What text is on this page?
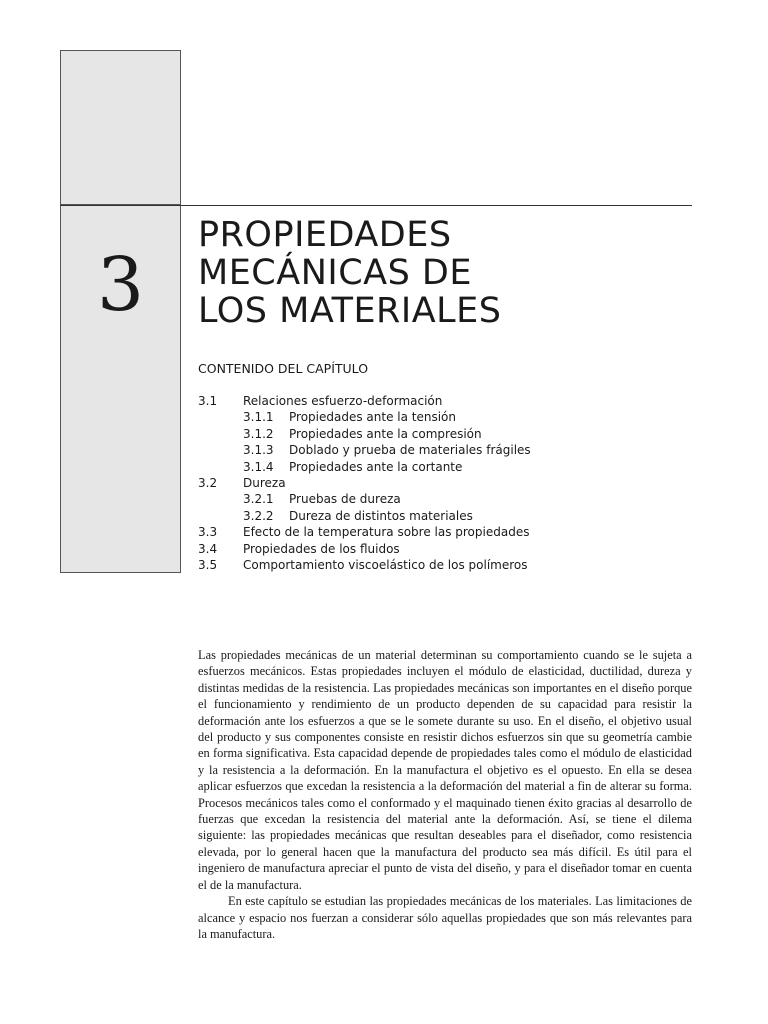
3
PROPIEDADES
MECÁNICAS DE
LOS MATERIALES
CONTENIDO DEL CAPÍTULO
3.1 Relaciones esfuerzo-deformación
3.1.1 Propiedades ante la tensión
3.1.2 Propiedades ante la compresión
3.1.3 Doblado y prueba de materiales frágiles
3.1.4 Propiedades ante la cortante
3.2 Dureza
3.2.1 Pruebas de dureza
3.2.2 Dureza de distintos materiales
3.3 Efecto de la temperatura sobre las propiedades
3.4 Propiedades de los fluidos
3.5 Comportamiento viscoelástico de los polímeros

Las propiedades mecánicas de un material determinan su comportamiento cuando se le sujeta a esfuerzos mecánicos. Estas propiedades incluyen el módulo de elasticidad, ductilidad, dureza y distintas medidas de la resistencia. Las propiedades mecánicas son importantes en el diseño porque el funcionamiento y rendimiento de un producto dependen de su capacidad para resistir la deformación ante los esfuerzos a que se le somete durante su uso. En el diseño, el objetivo usual del producto y sus componentes consiste en resistir dichos esfuerzos sin que su geometría cambie en forma significativa. Esta capacidad depende de propiedades tales como el módulo de elasticidad y la resistencia a la deformación. En la manufactura el objetivo es el opuesto. En ella se desea aplicar esfuerzos que excedan la resistencia a la deformación del material a fin de alterar su forma. Procesos mecánicos tales como el conformado y el maquinado tienen éxito gracias al desarrollo de fuerzas que excedan la resistencia del material ante la deformación. Así, se tiene el dilema siguiente: las propiedades mecánicas que resultan deseables para el diseñador, como resistencia elevada, por lo general hacen que la manufactura del producto sea más difícil. Es útil para el ingeniero de manufactura apreciar el punto de vista del diseño, y para el diseñador tomar en cuenta el de la manufactura.

En este capítulo se estudian las propiedades mecánicas de los materiales. Las limitaciones de alcance y espacio nos fuerzan a considerar sólo aquellas propiedades que son más relevantes para la manufactura.
